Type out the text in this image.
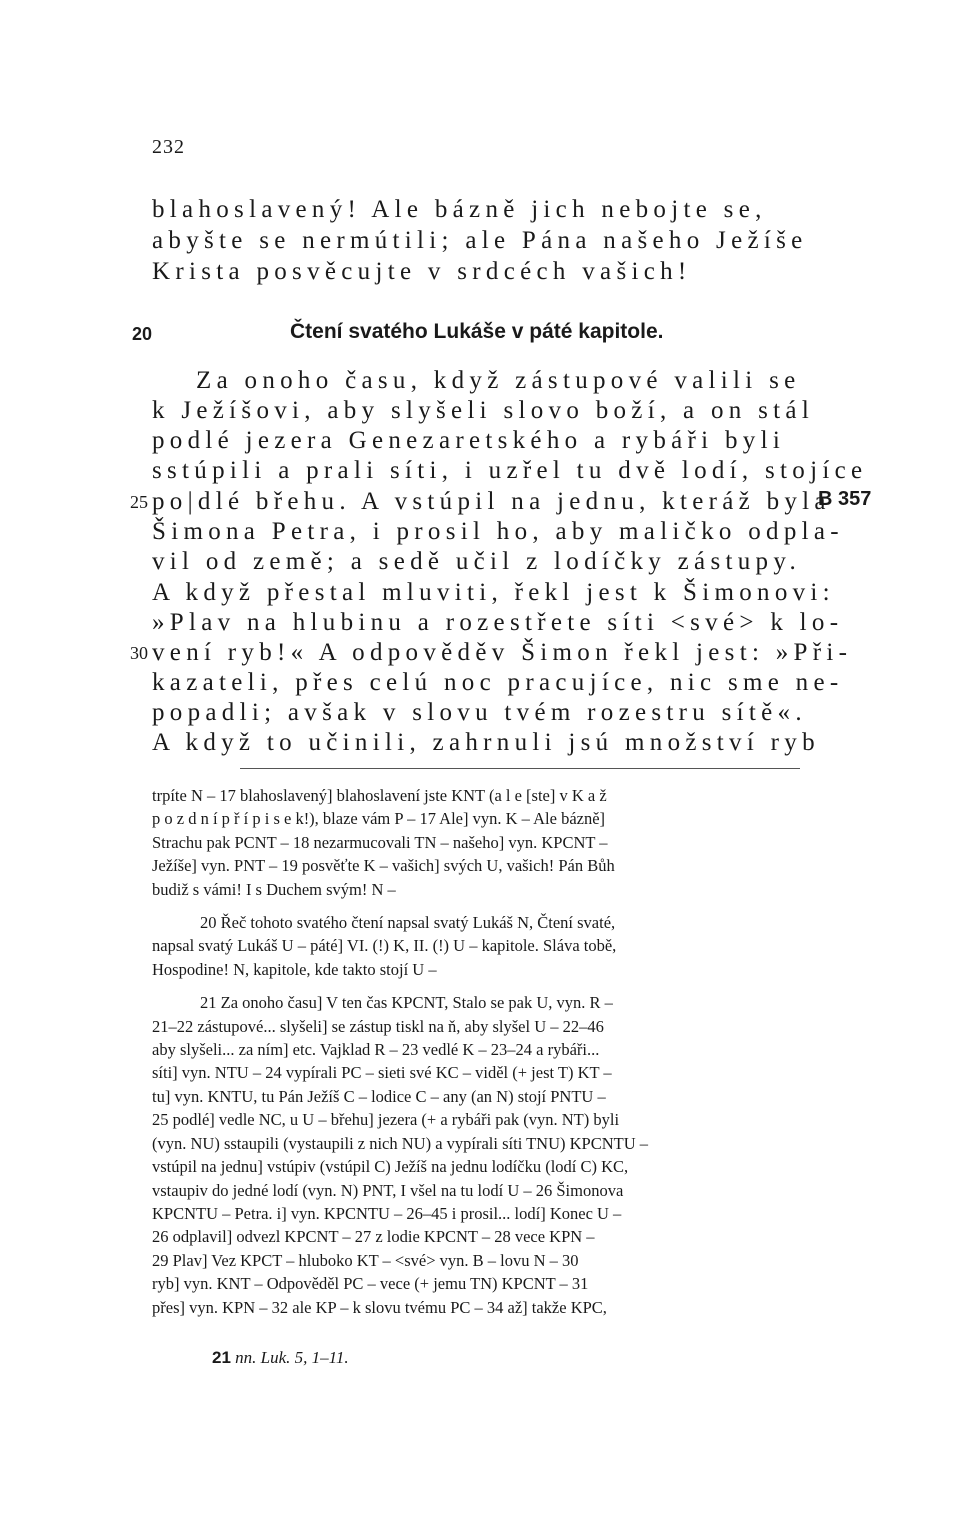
232
blahoslavený! Ale bázně jich nebojte se,
abyšte se nermútili; ale Pána našeho Ježíše
Krista posvěcujte v srdcéch vašich!
20	Čtení svatého Lukáše v páté kapitole.
Za onoho času, když zástupové valili se
k Ježíšovi, aby slyšeli slovo boží, a on stál
podlé jezera Genezaretského a rybáři byli
sstúpili a prali síti, i uzřel tu dvě lodí, stojíce
25 po|dlé břehu. A vstúpil na jednu, kteráž byla
Šimona Petra, i prosil ho, aby maličko odpla-
vil od země; a sedě učil z lodíčky zástupy.
A když přestal mluviti, řekl jest k Šimonovi:
»Plav na hlubinu a rozestřete síti <své> k lo-
30 vení ryb!« A odpověděv Šimon řekl jest: »Při-
kazateli, přes celú noc pracujíce, nic sme ne-
popadli; avšak v slovu tvém rozestru sítě«.
A když to učinili, zahrnuli jsú množství ryb
B 357

trpíte N – 17 blahoslavený] blahoslavení jste KNT (a l e [ste] v K a ž
p o z d n í p ř í p i s e k!), blaze vám P – 17 Ale] vyn. K – Ale bázně]
Strachu pak PCNT – 18 nezarmucovali TN – našeho] vyn. KPCNT –
Ježíše] vyn. PNT – 19 posvěťte K – vašich] svých U, vašich! Pán Bůh
budiž s vámi! I s Duchem svým! N –

20 Řeč tohoto svatého čtení napsal svatý Lukáš N, Čtení svaté,
napsal svatý Lukáš U – páté] VI. (!) K, II. (!) U – kapitole. Sláva tobě,
Hospodine! N, kapitole, kde takto stojí U –

21 Za onoho času] V ten čas KPCNT, Stalo se pak U, vyn. R –
21–22 zástupové... slyšeli] se zástup tiskl na ň, aby slyšel U – 22–46
aby slyšeli... za ním] etc. Vajklad R – 23 vedlé K – 23–24 a rybáři...
síti] vyn. NTU – 24 vypírali PC – sieti své KC – viděl (+ jest T) KT –
tu] vyn. KNTU, tu Pán Ježíš C – lodice C – any (an N) stojí PNTU –
25 podlé] vedle NC, u U – břehu] jezera (+ a rybáři pak (vyn. NT) byli
(vyn. NU) sstaupili (vystaupili z nich NU) a vypírali síti TNU) KPCNTU –
vstúpil na jednu] vstúpiv (vstúpil C) Ježíš na jednu lodíčku (lodí C) KC,
vstaupiv do jedné lodí (vyn. N) PNT, I všel na tu lodí U – 26 Šimonova
KPCNTU – Petra. i] vyn. KPCNTU – 26–45 i prosil... lodí] Konec U –
26 odplavil] odvezl KPCNT – 27 z lodie KPCNT – 28 vece KPN –
29 Plav] Vez KPCT – hluboko KT – <své> vyn. B – lovu N – 30
ryb] vyn. KNT – Odpověděl PC – vece (+ jemu TN) KPCNT – 31
přes] vyn. KPN – 32 ale KP – k slovu tvému PC – 34 až] takže KPC,

21 nn. Luk. 5, 1–11.
